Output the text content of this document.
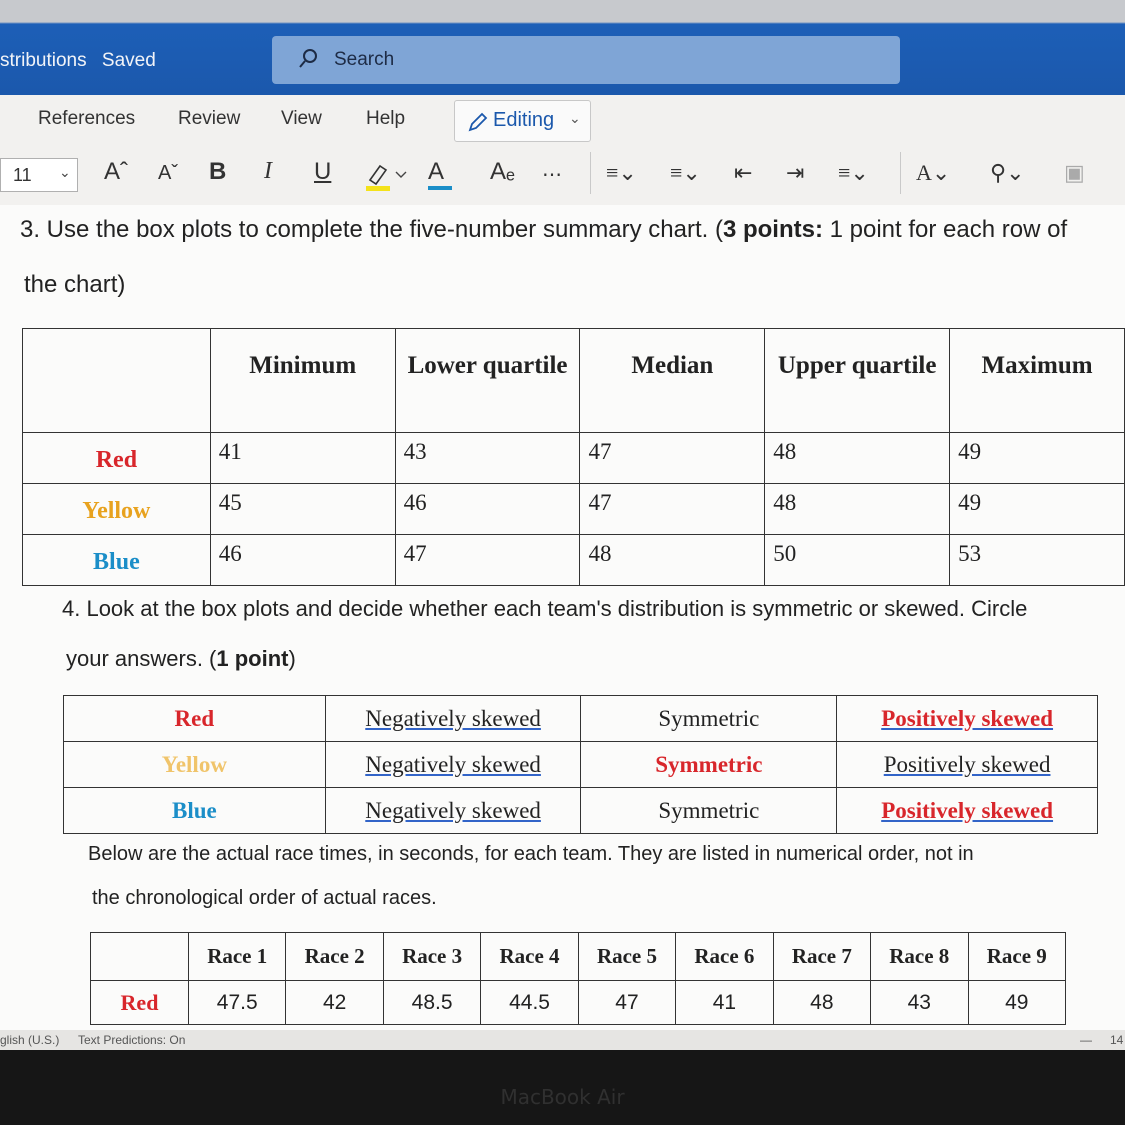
stributions Saved	Search
References Review View Help	Editing ⌄
11 ⌄ Aˆ Aˇ B I U	A Aₑ ⋯ ≡⌄ ≡⌄ ⇤ ⇥ ≡⌄ A⌄ ⚲⌄ ▣
3. Use the box plots to complete the five-number summary chart. (3 points: 1 point for each row of
the chart)
	Minimum	Lower quartile	Median	Upper quartile	Maximum
Red	41	43	47	48	49
Yellow	45	46	47	48	49
Blue	46	47	48	50	53
4. Look at the box plots and decide whether each team's distribution is symmetric or skewed. Circle
your answers. (1 point)
Red	Negatively skewed	Symmetric	Positively skewed
Yellow	Negatively skewed	Symmetric	Positively skewed
Blue	Negatively skewed	Symmetric	Positively skewed
Below are the actual race times, in seconds, for each team. They are listed in numerical order, not in
the chronological order of actual races.
	Race 1	Race 2	Race 3	Race 4	Race 5	Race 6	Race 7	Race 8	Race 9
Red	47.5	42	48.5	44.5	47	41	48	43	49
glish (U.S.) Text Predictions: On	— 14
MacBook Air
